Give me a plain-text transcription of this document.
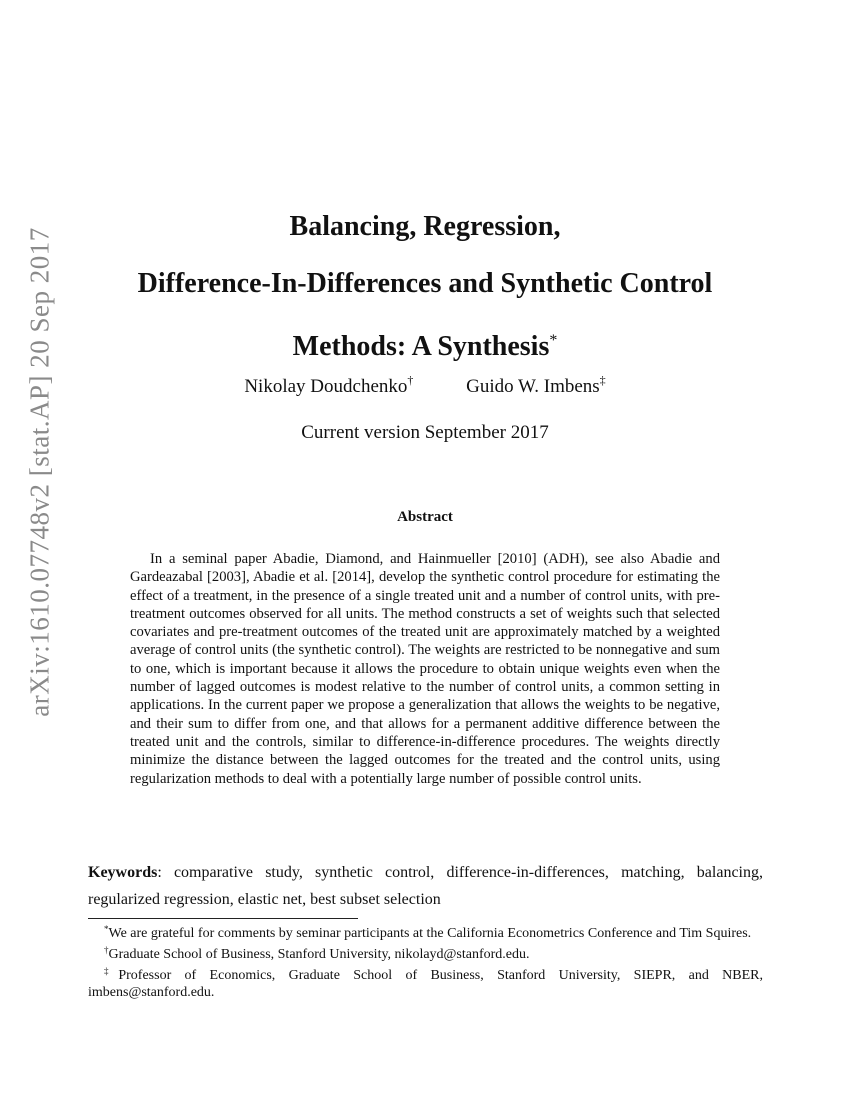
arXiv:1610.07748v2 [stat.AP] 20 Sep 2017

Balancing, Regression,

Difference-In-Differences and Synthetic Control

Methods: A Synthesis*

Nikolay Doudchenko†	Guido W. Imbens‡
Current version September 2017
Abstract

In a seminal paper Abadie, Diamond, and Hainmueller [2010] (ADH), see also Abadie and Gardeazabal [2003], Abadie et al. [2014], develop the synthetic control procedure for estimating the effect of a treatment, in the presence of a single treated unit and a number of control units, with pre-treatment outcomes observed for all units. The method constructs a set of weights such that selected covariates and pre-treatment outcomes of the treated unit are approximately matched by a weighted average of control units (the synthetic control). The weights are restricted to be nonnegative and sum to one, which is important because it allows the procedure to obtain unique weights even when the number of lagged outcomes is modest relative to the number of control units, a common setting in applications. In the current paper we propose a generalization that allows the weights to be negative, and their sum to differ from one, and that allows for a permanent additive difference between the treated unit and the controls, similar to difference-in-difference procedures. The weights directly minimize the distance between the lagged outcomes for the treated and the control units, using regularization methods to deal with a potentially large number of possible control units.

Keywords: comparative study, synthetic control, difference-in-differences, matching, balancing, regularized regression, elastic net, best subset selection

*We are grateful for comments by seminar participants at the California Econometrics Conference and Tim Squires.

†Graduate School of Business, Stanford University, nikolayd@stanford.edu.

‡Professor of Economics, Graduate School of Business, Stanford University, SIEPR, and NBER, imbens@stanford.edu.
